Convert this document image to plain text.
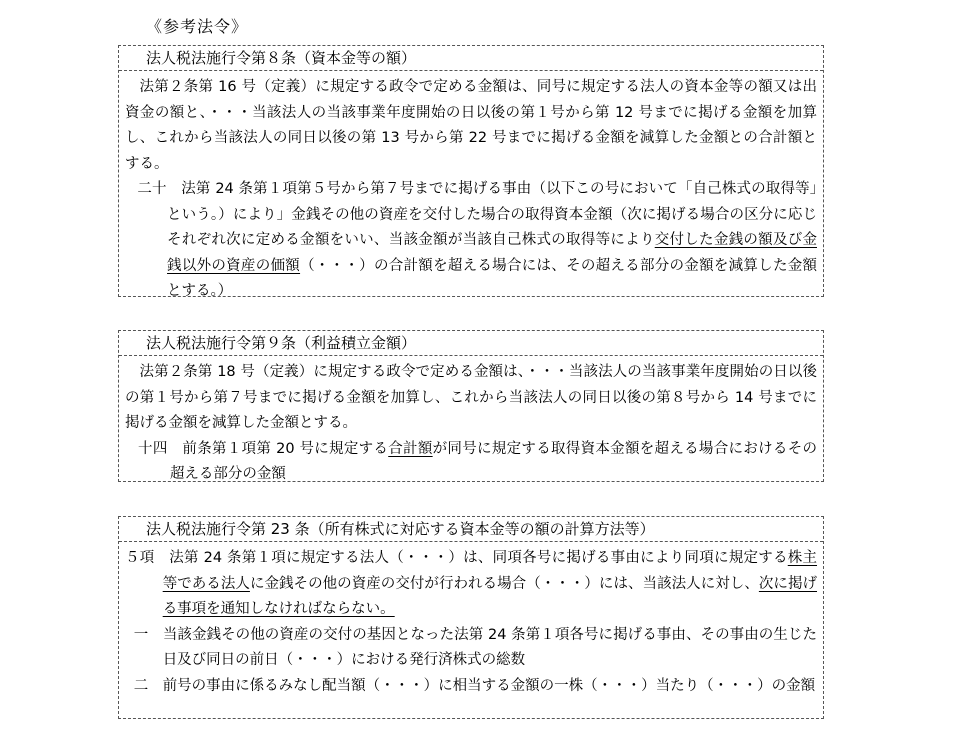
《参考法令》
法人税法施行令第８条（資本金等の額）
法第２条第 16 号（定義）に規定する政令で定める金額は、同号に規定する法人の資本金等の額又は出資金の額と、・・・当該法人の当該事業年度開始の日以後の第１号から第 12 号までに掲げる金額を加算し、これから当該法人の同日以後の第 13 号から第 22 号までに掲げる金額を減算した金額との合計額とする。
二十　法第 24 条第１項第５号から第７号までに掲げる事由（以下この号において「自己株式の取得等」という。）により」金銭その他の資産を交付した場合の取得資本金額（次に掲げる場合の区分に応じそれぞれ次に定める金額をいい、当該金額が当該自己株式の取得等により交付した金銭の額及び金銭以外の資産の価額（・・・）の合計額を超える場合には、その超える部分の金額を減算した金額とする。）
法人税法施行令第９条（利益積立金額）
法第２条第 18 号（定義）に規定する政令で定める金額は、・・・当該法人の当該事業年度開始の日以後の第１号から第７号までに掲げる金額を加算し、これから当該法人の同日以後の第８号から 14 号までに掲げる金額を減算した金額とする。
十四　前条第１項第 20 号に規定する合計額が同号に規定する取得資本金額を超える場合におけるその超える部分の金額
法人税法施行令第 23 条（所有株式に対応する資本金等の額の計算方法等）
５項　法第 24 条第１項に規定する法人（・・・）は、同項各号に掲げる事由により同項に規定する株主等である法人に金銭その他の資産の交付が行われる場合（・・・）には、当該法人に対し、次に掲げる事項を通知しなければならない。
一　当該金銭その他の資産の交付の基因となった法第 24 条第１項各号に掲げる事由、その事由の生じた日及び同日の前日（・・・）における発行済株式の総数
二　前号の事由に係るみなし配当額（・・・）に相当する金額の一株（・・・）当たり（・・・）の金額
